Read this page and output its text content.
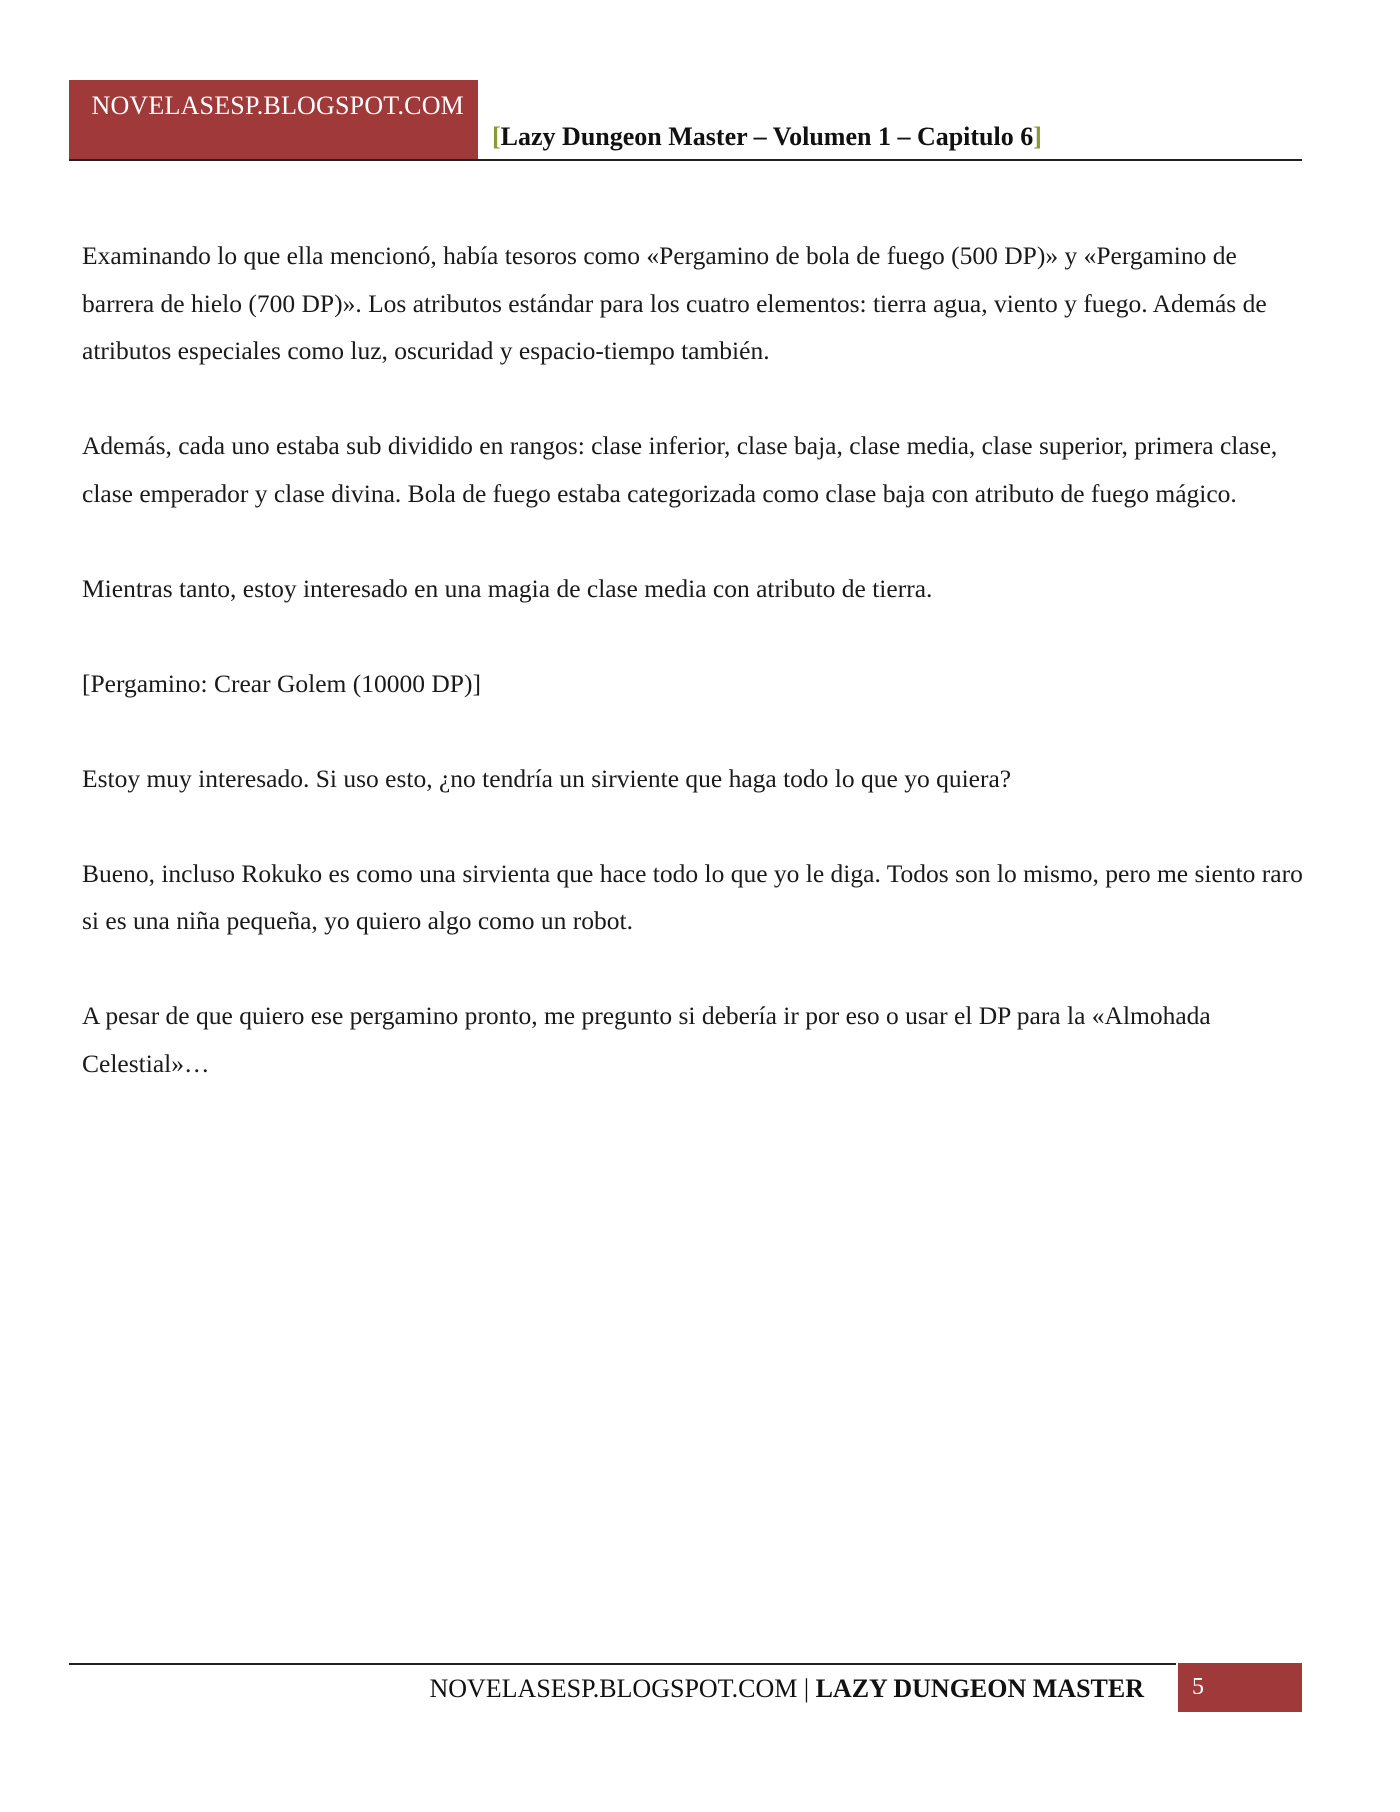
NOVELASESP.BLOGSPOT.COM
[Lazy Dungeon Master – Volumen 1 – Capitulo 6]

Examinando lo que ella mencionó, había tesoros como «Pergamino de bola de fuego (500 DP)» y «Pergamino de barrera de hielo (700 DP)». Los atributos estándar para los cuatro elementos: tierra agua, viento y fuego. Además de atributos especiales como luz, oscuridad y espacio-tiempo también.

Además, cada uno estaba sub dividido en rangos: clase inferior, clase baja, clase media, clase superior, primera clase, clase emperador y clase divina. Bola de fuego estaba categorizada como clase baja con atributo de fuego mágico.

Mientras tanto, estoy interesado en una magia de clase media con atributo de tierra.

[Pergamino: Crear Golem (10000 DP)]

Estoy muy interesado. Si uso esto, ¿no tendría un sirviente que haga todo lo que yo quiera?

Bueno, incluso Rokuko es como una sirvienta que hace todo lo que yo le diga. Todos son lo mismo, pero me siento raro si es una niña pequeña, yo quiero algo como un robot.

A pesar de que quiero ese pergamino pronto, me pregunto si debería ir por eso o usar el DP para la «Almohada Celestial»…

NOVELASESP.BLOGSPOT.COM | LAZY DUNGEON MASTER	5
